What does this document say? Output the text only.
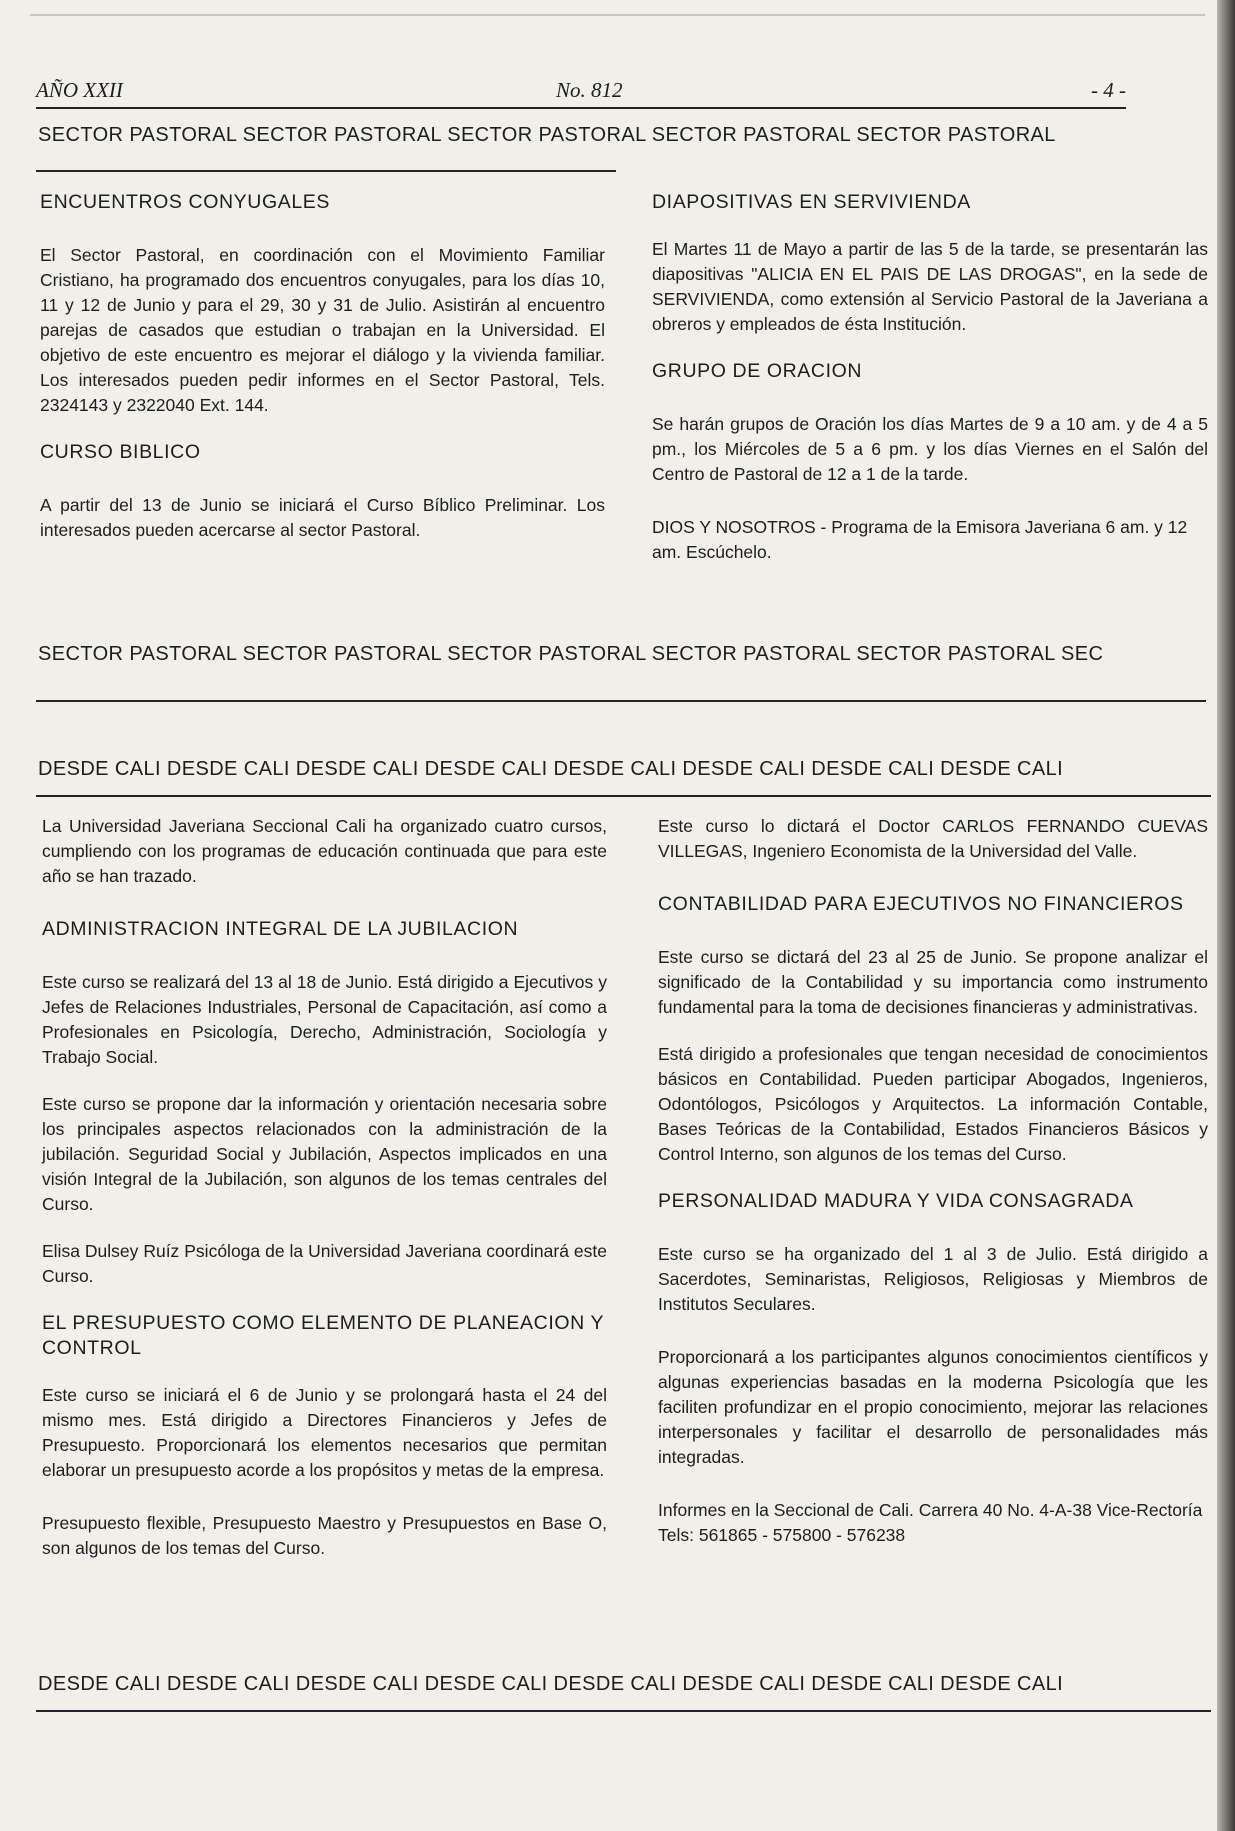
AÑO XXII	No. 812	- 4 -
SECTOR PASTORAL SECTOR PASTORAL SECTOR PASTORAL SECTOR PASTORAL SECTOR PASTORAL
ENCUENTROS CONYUGALES

El Sector Pastoral, en coordinación con el Movimiento Familiar Cristiano, ha programado dos encuentros conyugales, para los días 10, 11 y 12 de Junio y para el 29, 30 y 31 de Julio. Asistirán al encuentro parejas de casados que estudian o trabajan en la Universidad. El objetivo de este encuentro es mejorar el diálogo y la vivienda familiar. Los interesados pueden pedir informes en el Sector Pastoral, Tels. 2324143 y 2322040 Ext. 144.

CURSO BIBLICO

A partir del 13 de Junio se iniciará el Curso Bíblico Preliminar. Los interesados pueden acercarse al sector Pastoral.

DIAPOSITIVAS EN SERVIVIENDA

El Martes 11 de Mayo a partir de las 5 de la tarde, se presentarán las diapositivas "ALICIA EN EL PAIS DE LAS DROGAS", en la sede de SERVIVIENDA, como extensión al Servicio Pastoral de la Javeriana a obreros y empleados de ésta Institución.

GRUPO DE ORACION

Se harán grupos de Oración los días Martes de 9 a 10 am. y de 4 a 5 pm., los Miércoles de 5 a 6 pm. y los días Viernes en el Salón del Centro de Pastoral de 12 a 1 de la tarde.

DIOS Y NOSOTROS - Programa de la Emisora Javeriana 6 am. y 12 am. Escúchelo.

SECTOR PASTORAL SECTOR PASTORAL SECTOR PASTORAL SECTOR PASTORAL SECTOR PASTORAL SEC
DESDE CALI DESDE CALI DESDE CALI DESDE CALI DESDE CALI DESDE CALI DESDE CALI DESDE CALI

La Universidad Javeriana Seccional Cali ha organizado cuatro cursos, cumpliendo con los programas de educación continuada que para este año se han trazado.

ADMINISTRACION INTEGRAL DE LA JUBILACION

Este curso se realizará del 13 al 18 de Junio. Está dirigido a Ejecutivos y Jefes de Relaciones Industriales, Personal de Capacitación, así como a Profesionales en Psicología, Derecho, Administración, Sociología y Trabajo Social.

Este curso se propone dar la información y orientación necesaria sobre los principales aspectos relacionados con la administración de la jubilación. Seguridad Social y Jubilación, Aspectos implicados en una visión Integral de la Jubilación, son algunos de los temas centrales del Curso.

Elisa Dulsey Ruíz Psicóloga de la Universidad Javeriana coordinará este Curso.

EL PRESUPUESTO COMO ELEMENTO DE PLANEACION Y CONTROL

Este curso se iniciará el 6 de Junio y se prolongará hasta el 24 del mismo mes. Está dirigido a Directores Financieros y Jefes de Presupuesto. Proporcionará los elementos necesarios que permitan elaborar un presupuesto acorde a los propósitos y metas de la empresa.

Presupuesto flexible, Presupuesto Maestro y Presupuestos en Base O, son algunos de los temas del Curso.

Este curso lo dictará el Doctor CARLOS FERNANDO CUEVAS VILLEGAS, Ingeniero Economista de la Universidad del Valle.

CONTABILIDAD PARA EJECUTIVOS NO FINANCIEROS

Este curso se dictará del 23 al 25 de Junio. Se propone analizar el significado de la Contabilidad y su importancia como instrumento fundamental para la toma de decisiones financieras y administrativas.

Está dirigido a profesionales que tengan necesidad de conocimientos básicos en Contabilidad. Pueden participar Abogados, Ingenieros, Odontólogos, Psicólogos y Arquitectos. La información Contable, Bases Teóricas de la Contabilidad, Estados Financieros Básicos y Control Interno, son algunos de los temas del Curso.

PERSONALIDAD MADURA Y VIDA CONSAGRADA

Este curso se ha organizado del 1 al 3 de Julio. Está dirigido a Sacerdotes, Seminaristas, Religiosos, Religiosas y Miembros de Institutos Seculares.

Proporcionará a los participantes algunos conocimientos científicos y algunas experiencias basadas en la moderna Psicología que les faciliten profundizar en el propio conocimiento, mejorar las relaciones interpersonales y facilitar el desarrollo de personalidades más integradas.

Informes en la Seccional de Cali. Carrera 40 No. 4-A-38 Vice-Rectoría Tels: 561865 - 575800 - 576238

DESDE CALI DESDE CALI DESDE CALI DESDE CALI DESDE CALI DESDE CALI DESDE CALI DESDE CALI
